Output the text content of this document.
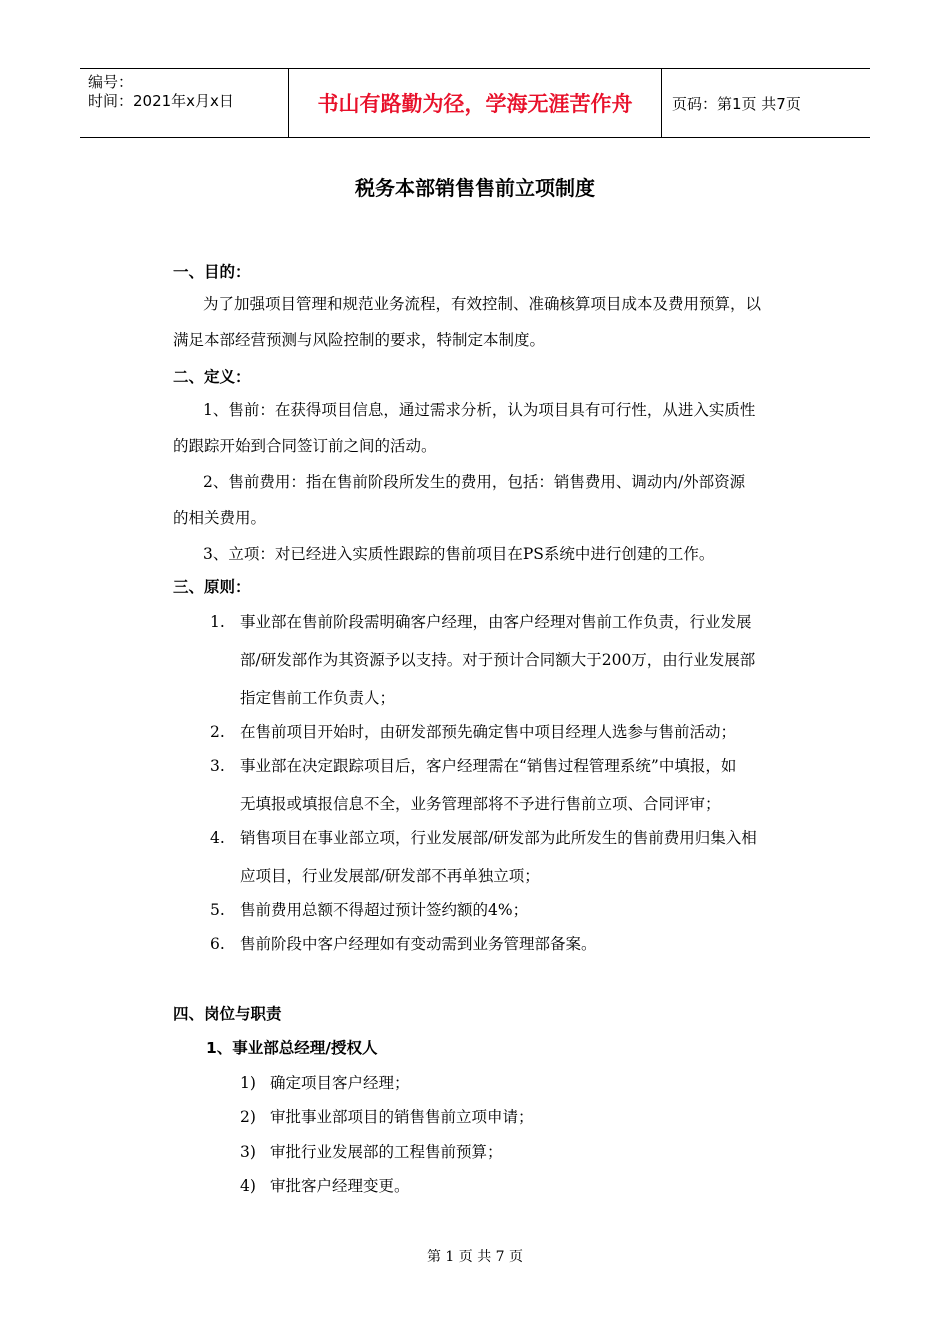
编号：
时间：2021年x月x日	书山有路勤为径，学海无涯苦作舟	页码：第1页 共7页
税务本部销售售前立项制度
一、目的：
为了加强项目管理和规范业务流程，有效控制、准确核算项目成本及费用预算，以
满足本部经营预测与风险控制的要求，特制定本制度。
二、定义：
1、售前：在获得项目信息，通过需求分析，认为项目具有可行性，从进入实质性
的跟踪开始到合同签订前之间的活动。
2、售前费用：指在售前阶段所发生的费用，包括：销售费用、调动内/外部资源
的相关费用。
3、立项：对已经进入实质性跟踪的售前项目在PS系统中进行创建的工作。
三、原则：
1. 事业部在售前阶段需明确客户经理，由客户经理对售前工作负责，行业发展
部/研发部作为其资源予以支持。对于预计合同额大于200万，由行业发展部
指定售前工作负责人；
2. 在售前项目开始时，由研发部预先确定售中项目经理人选参与售前活动；
3. 事业部在决定跟踪项目后，客户经理需在“销售过程管理系统”中填报，如
无填报或填报信息不全，业务管理部将不予进行售前立项、合同评审；
4. 销售项目在事业部立项，行业发展部/研发部为此所发生的售前费用归集入相
应项目，行业发展部/研发部不再单独立项；
5. 售前费用总额不得超过预计签约额的4%；
6. 售前阶段中客户经理如有变动需到业务管理部备案。
四、岗位与职责
1、事业部总经理/授权人
1) 确定项目客户经理；
2) 审批事业部项目的销售售前立项申请；
3) 审批行业发展部的工程售前预算；
4) 审批客户经理变更。
第 1 页 共 7 页
